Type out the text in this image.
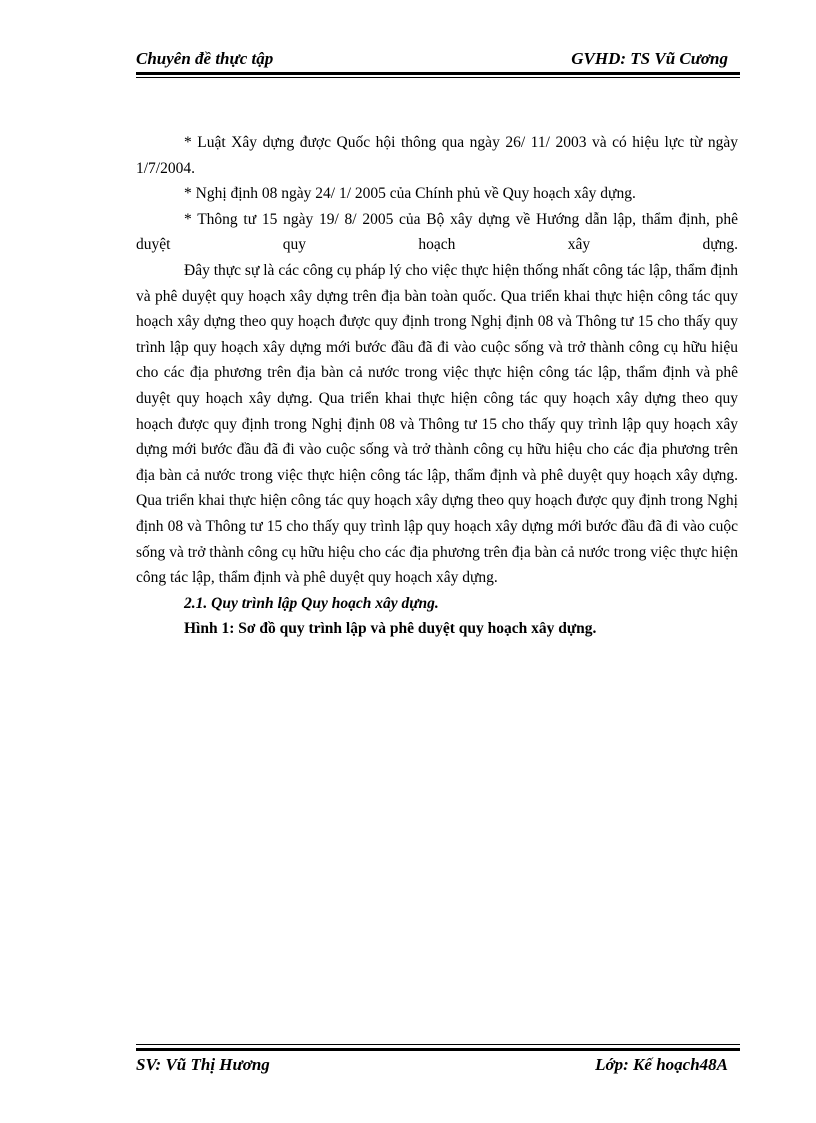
Chuyên đề thực tập	GVHD: TS Vũ Cương

* Luật Xây dựng được Quốc hội thông qua ngày 26/ 11/ 2003 và có hiệu lực từ ngày 1/7/2004.

* Nghị định 08 ngày 24/ 1/ 2005 của Chính phủ về Quy hoạch xây dựng.

* Thông tư 15 ngày 19/ 8/ 2005 của Bộ xây dựng về Hướng dẫn lập, thẩm định, phê duyệt quy hoạch xây dựng.

Đây thực sự là các công cụ pháp lý cho việc thực hiện thống nhất công tác lập, thẩm định và phê duyệt quy hoạch xây dựng trên địa bàn toàn quốc. Qua triển khai thực hiện công tác quy hoạch xây dựng theo quy hoạch được quy định trong Nghị định 08 và Thông tư 15 cho thấy quy trình lập quy hoạch xây dựng mới bước đầu đã đi vào cuộc sống và trở thành công cụ hữu hiệu cho các địa phương trên địa bàn cả nước trong việc thực hiện công tác lập, thẩm định và phê duyệt quy hoạch xây dựng. Qua triển khai thực hiện công tác quy hoạch xây dựng theo quy hoạch được quy định trong Nghị định 08 và Thông tư 15 cho thấy quy trình lập quy hoạch xây dựng mới bước đầu đã đi vào cuộc sống và trở thành công cụ hữu hiệu cho các địa phương trên địa bàn cả nước trong việc thực hiện công tác lập, thẩm định và phê duyệt quy hoạch xây dựng.

Qua triển khai thực hiện công tác quy hoạch xây dựng theo quy hoạch được quy định trong Nghị định 08 và Thông tư 15 cho thấy quy trình lập quy hoạch xây dựng mới bước đầu đã đi vào cuộc sống và trở thành công cụ hữu hiệu cho các địa phương trên địa bàn cả nước trong việc thực hiện công tác lập, thẩm định và phê duyệt quy hoạch xây dựng.

2.1. Quy trình lập Quy hoạch xây dựng.

Hình 1: Sơ đồ quy trình lập và phê duyệt quy hoạch xây dựng.

SV: Vũ Thị Hương	Lớp: Kế hoạch48A
